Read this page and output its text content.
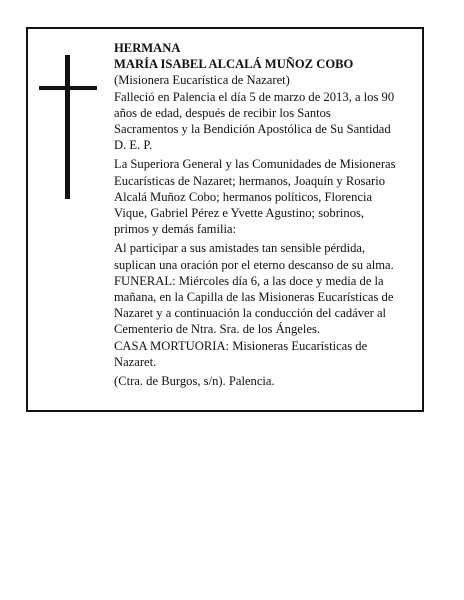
HERMANA

MARÍA ISABEL ALCALÁ MUÑOZ COBO

(Misionera Eucarística de Nazaret)

Falleció en Palencia el día 5 de marzo de 2013, a los 90

años de edad, después de recibir los Santos

Sacramentos y la Bendición Apostólica de Su Santidad

D. E. P.

La Superiora General y las Comunidades de Misioneras

Eucarísticas de Nazaret; hermanos, Joaquín y Rosario

Alcalá Muñoz Cobo; hermanos políticos, Florencia

Vique, Gabriel Pérez e Yvette Agustino; sobrinos,

primos y demás familia:

Al participar a sus amistades tan sensible pérdida,

suplican una oración por el eterno descanso de su alma.

FUNERAL: Miércoles día 6, a las doce y media de la

mañana, en la Capilla de las Misioneras Eucarísticas de

Nazaret y a continuación la conducción del cadáver al

Cementerio de Ntra. Sra. de los Ángeles.

CASA MORTUORIA: Misioneras Eucarísticas de

Nazaret.

(Ctra. de Burgos, s/n). Palencia.
